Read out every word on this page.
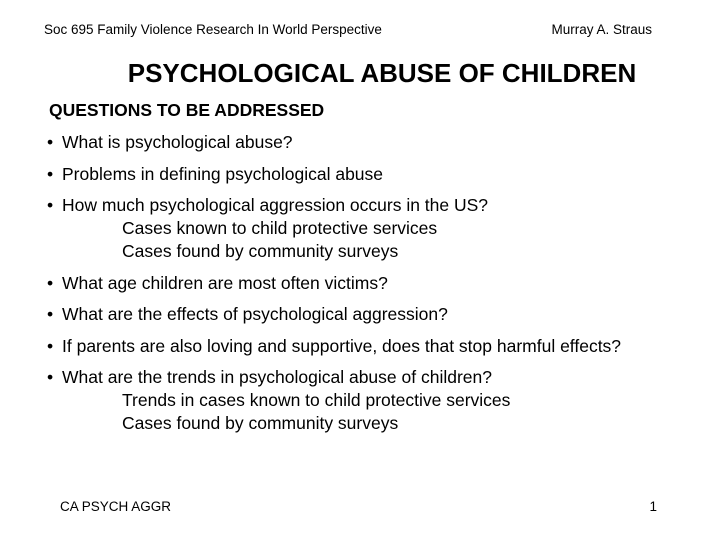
Soc 695 Family Violence Research In World Perspective	Murray A. Straus
PSYCHOLOGICAL ABUSE OF CHILDREN
QUESTIONS TO BE ADDRESSED
• What is psychological abuse?
• Problems in defining psychological abuse
• How much psychological aggression occurs in the US?
Cases known to child protective services
Cases found by community surveys
• What age children are most often victims?
• What are the effects of psychological aggression?
• If parents are also loving and supportive, does that stop harmful effects?
• What are the trends in psychological abuse of children?
Trends in cases known to child protective services
Cases found by community surveys
CA PSYCH AGGR	1
